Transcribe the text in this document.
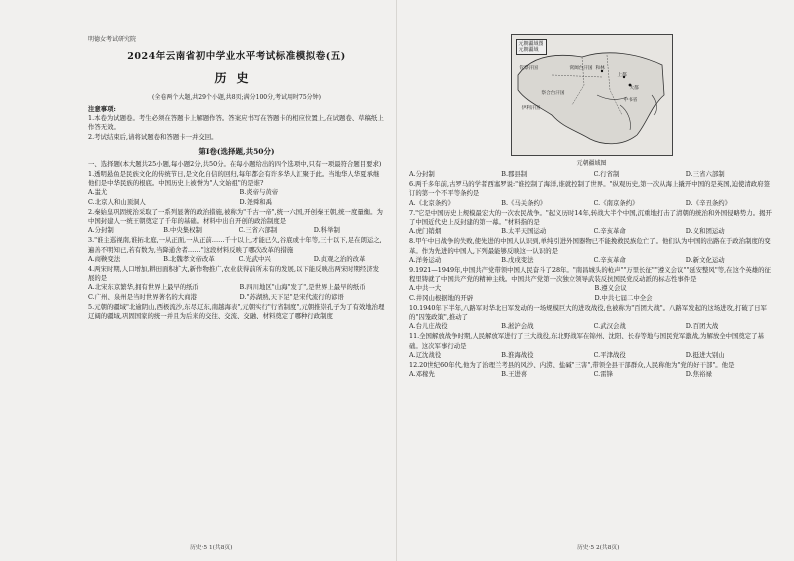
明德女考试研究院
2024年云南省初中学业水平考试标准模拟卷(五)
历史
(全卷两个大题,共29个小题,共8页;满分100分,考试用时75分钟)
注意事项:
1.本卷为试题卷。考生必须在答题卡上解题作答。答案应书写在答题卡的相应位置上,在试题卷、草稿纸上作答无效。
2.考试结束后,请将试题卷和答题卡一并交回。
第Ⅰ卷(选择题,共50分)
一、选择题(本大题共25小题,每小题2分,共50分。在每小题给出的四个选项中,只有一项最符合题目要求)
1.透明悬鱼是民族文化的传统节日,是文化自信的回归,每年都会有许多华人汇聚于此。当地华人华夏承继他们是中华民族的根底。中国历史上被誉为"人文始祖"的是谁?
A.蚩尤	B.炎帝与黄帝
C.北京人和山顶洞人	D.尧舜和禹
2.秦始皇巩固统治采取了一系列显著的政治措施,被称为"千古一帝",统一六国,开创秦王朝,统一度量衡。为中国封建人一统王朝奠定了千年的基础。材料中出自开创的政治制度是
A.分封制	B.中央集权制	C.三省六部制	D.科举制
3."谁主巡视南,谁拓北庭,一从正面,一从正前……千十以上,才能已久,谷底或十年等,三十以下,足在朗运之,遍善不明知已,若有数为,当降通舍者……"这段材料反映了哪次改革的措施
A.商鞅变法	B.北魏孝文帝改革	C.光武中兴	D.贞观之治的改革
4.两宋时期,人口增加,耕田面积扩大,新作物推广,农业获得前所未有的发展,以下能反映出两宋时期经济发展的是
A.北宋东京繁华,拥有世界上最早的纸币	B.四川地区"山海"发了",是世界上最早的纸币
C.广州、泉州是当时世界著名的大商港	D."苏湖熟,天下足"是宋代流行的谚语
5.元朝的疆域"北逾阴山,西极流沙,东尽辽东,南越海表",元朝实行"行省制度",元朝推崇孔子为了有效地治理辽阔的疆域,巩固国家的统一并且为后来的交往、交流、交融、材料奠定了哪种行政制度
历史·5 1(共8页)
元朝疆域图
元朝疆域
钦察汗国
察合台汗国
伊利汗国
窝阔台汗国
大都
上都
和林
中书省
元朝疆域图
A.分封制	B.郡县制	C.行省制	D.三省六部制
6.两千多年前,古罗马的学者西塞罗说:"谁控制了海洋,谁就控制了世界。"纵观历史,第一次从海上撬开中国的是英国,迫使清政府签订的第一个不平等条约是
A.《北京条约》	B.《马关条约》	C.《南京条约》	D.《辛丑条约》
7."它是中国历史上规模最宏大的一次农民战争。"起义历时14年,转战大半个中国,沉重地打击了清朝的统治和外国侵略势力。揭开了中国近代史上反封建的第一幕。"材料指的是
A.虎门销烟	B.太平天国运动	C.辛亥革命	D.义和团运动
8.甲午中日战争的失败,使先进的中国人认识到,单纯引进外国器物已不能挽救民族危亡了。他们认为中国的出路在于政治制度的变革。作为先进的中国人,下列最能够反映这一认识的是
A.洋务运动	B.戊戌变法	C.辛亥革命	D.新文化运动
9.1921—1949年,中国共产党带领中国人民奋斗了28年。"南昌城头的枪声""万里长征""遵义会议""延安整风"等,在这个英雄的征程里铸就了中国共产党的精神主线。中国共产党第一次独立领导武装反抗国民党反动派的标志性事件是
A.中共一大	B.遵义会议
C.井冈山根据地的开辟	D.中共七届二中全会
10.1940年下半年,八路军对华北日军发动的一场规模巨大的进攻战役,也被称为"百团大战"。八路军发起的这场进攻,打破了日军的"囚笼政策",推动了
A.台儿庄战役	B.淞沪会战	C.武汉会战	D.百团大战
11.全国解放战争时期,人民解放军进行了三大战役,东北野战军在锦州、沈阳、长春等地与国民党军激战,为解放全中国奠定了基础。这次军事行动是
A.辽沈战役	B.淮海战役	C.平津战役	D.挺进大别山
12.20世纪60年代,他为了治理兰考县的风沙、内涝、盐碱"三害",带领全县干部群众,人民称他为"党的好干部"。他是
A.邓稼先	B.王进喜	C.雷锋	D.焦裕禄
历史·5 2(共8页)
